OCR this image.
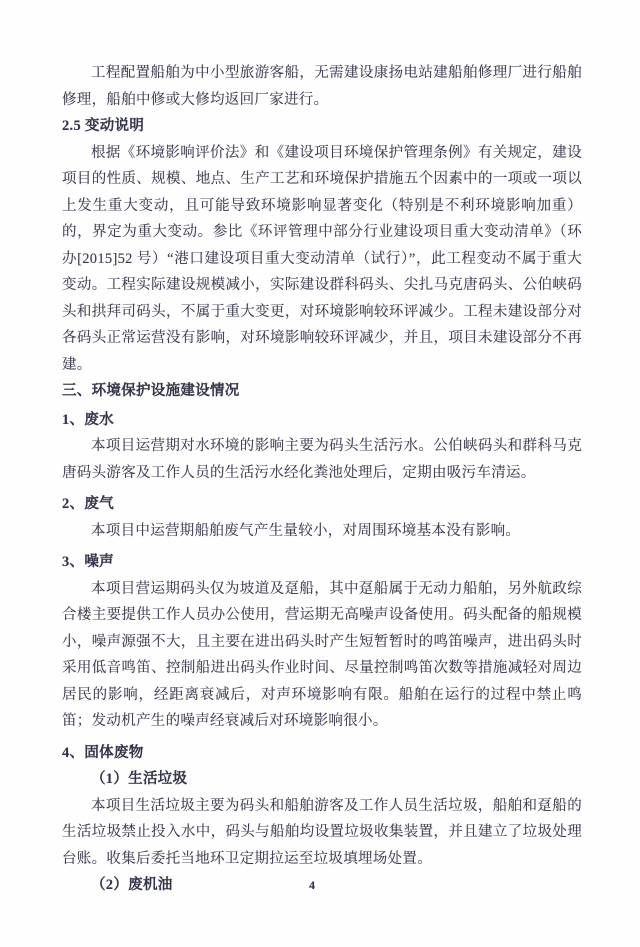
工程配置船舶为中小型旅游客船，无需建设康扬电站建船舶修理厂进行船舶修理，船舶中修或大修均返回厂家进行。

2.5 变动说明

根据《环境影响评价法》和《建设项目环境保护管理条例》有关规定，建设项目的性质、规模、地点、生产工艺和环境保护措施五个因素中的一项或一项以上发生重大变动，且可能导致环境影响显著变化（特别是不利环境影响加重）的，界定为重大变动。参比《环评管理中部分行业建设项目重大变动清单》（环办[2015]52 号）“港口建设项目重大变动清单（试行）”，此工程变动不属于重大变动。工程实际建设规模减小，实际建设群科码头、尖扎马克唐码头、公伯峡码头和拱拜司码头，不属于重大变更，对环境影响较环评减少。工程未建设部分对各码头正常运营没有影响，对环境影响较环评减少，并且，项目未建设部分不再建。

三、环境保护设施建设情况

1、废水

本项目运营期对水环境的影响主要为码头生活污水。公伯峡码头和群科马克唐码头游客及工作人员的生活污水经化粪池处理后，定期由吸污车清运。

2、废气

本项目中运营期船舶废气产生量较小，对周围环境基本没有影响。

3、噪声

本项目营运期码头仅为坡道及趸船，其中趸船属于无动力船舶，另外航政综合楼主要提供工作人员办公使用，营运期无高噪声设备使用。码头配备的船规模小，噪声源强不大，且主要在进出码头时产生短暂暂时的鸣笛噪声，进出码头时采用低音鸣笛、控制船进出码头作业时间、尽量控制鸣笛次数等措施减轻对周边居民的影响，经距离衰减后，对声环境影响有限。船舶在运行的过程中禁止鸣笛；发动机产生的噪声经衰减后对环境影响很小。

4、固体废物

（1）生活垃圾

本项目生活垃圾主要为码头和船舶游客及工作人员生活垃圾，船舶和趸船的生活垃圾禁止投入水中，码头与船舶均设置垃圾收集装置，并且建立了垃圾处理台账。收集后委托当地环卫定期拉运至垃圾填埋场处置。

（2）废机油	4
